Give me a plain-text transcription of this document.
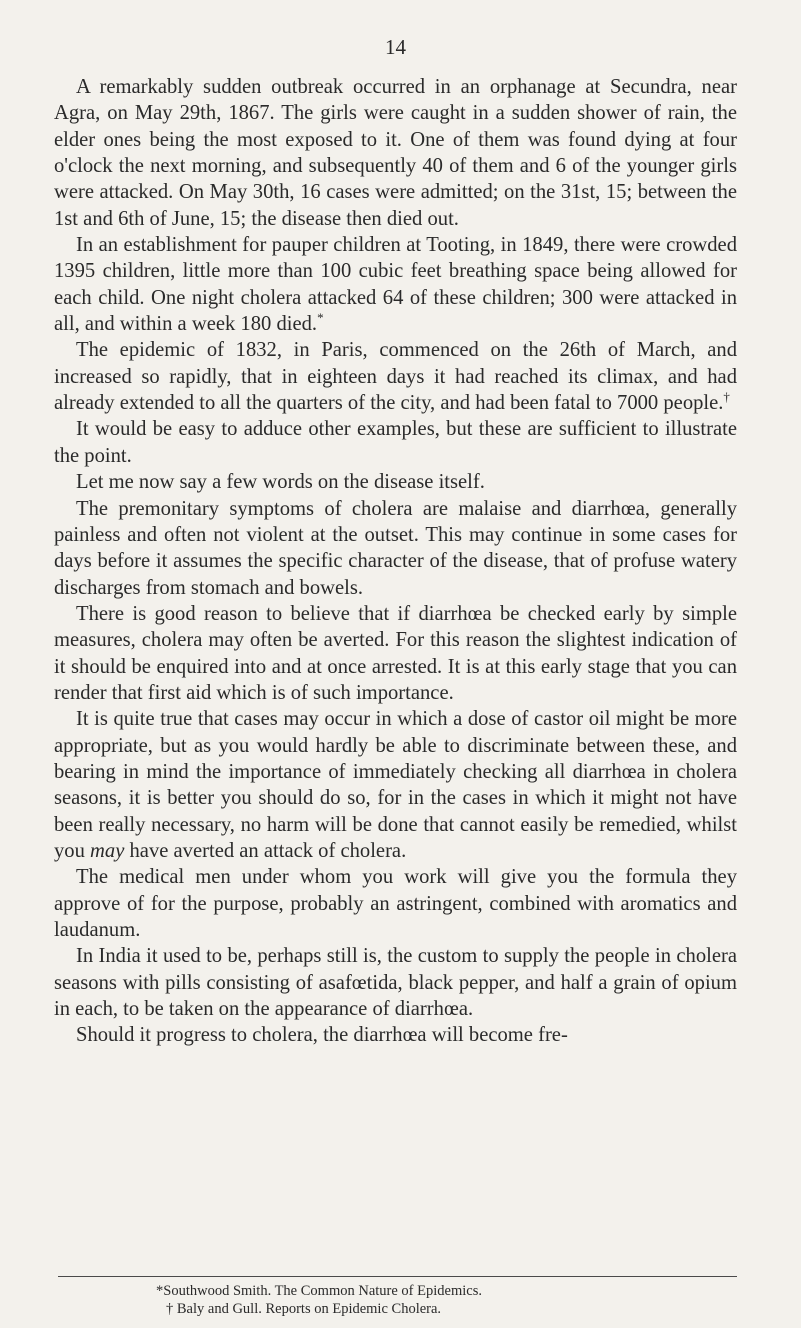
14

A remarkably sudden outbreak occurred in an orphanage at Secundra, near Agra, on May 29th, 1867. The girls were caught in a sudden shower of rain, the elder ones being the most exposed to it. One of them was found dying at four o'clock the next morning, and subsequently 40 of them and 6 of the younger girls were attacked. On May 30th, 16 cases were admitted; on the 31st, 15; between the 1st and 6th of June, 15; the disease then died out.

In an establishment for pauper children at Tooting, in 1849, there were crowded 1395 children, little more than 100 cubic feet breathing space being allowed for each child. One night cholera attacked 64 of these children; 300 were attacked in all, and within a week 180 died.*

The epidemic of 1832, in Paris, commenced on the 26th of March, and increased so rapidly, that in eighteen days it had reached its climax, and had already extended to all the quarters of the city, and had been fatal to 7000 people.†

It would be easy to adduce other examples, but these are sufficient to illustrate the point.

Let me now say a few words on the disease itself.

The premonitary symptoms of cholera are malaise and diarrhœa, generally painless and often not violent at the outset. This may continue in some cases for days before it assumes the specific character of the disease, that of profuse watery discharges from stomach and bowels.

There is good reason to believe that if diarrhœa be checked early by simple measures, cholera may often be averted. For this reason the slightest indication of it should be enquired into and at once arrested. It is at this early stage that you can render that first aid which is of such importance.

It is quite true that cases may occur in which a dose of castor oil might be more appropriate, but as you would hardly be able to discriminate between these, and bearing in mind the importance of immediately checking all diarrhœa in cholera seasons, it is better you should do so, for in the cases in which it might not have been really necessary, no harm will be done that cannot easily be remedied, whilst you may have averted an attack of cholera.

The medical men under whom you work will give you the formula they approve of for the purpose, probably an astringent, combined with aromatics and laudanum.

In India it used to be, perhaps still is, the custom to supply the people in cholera seasons with pills consisting of asafœtida, black pepper, and half a grain of opium in each, to be taken on the appearance of diarrhœa.

Should it progress to cholera, the diarrhœa will become fre-

*Southwood Smith. The Common Nature of Epidemics.
† Baly and Gull. Reports on Epidemic Cholera.
